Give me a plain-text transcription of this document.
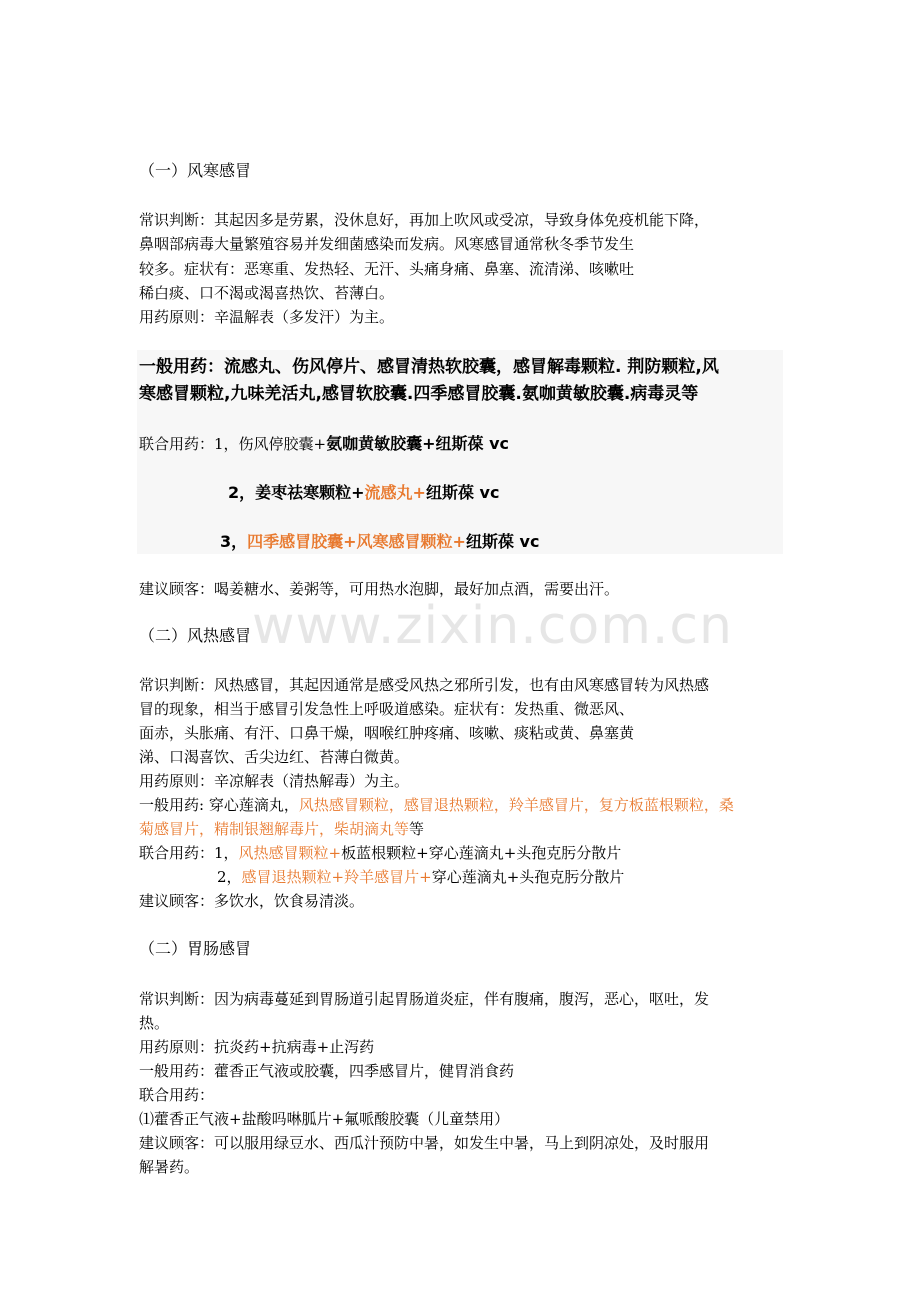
www.zixin.com.cn
（一）风寒感冒
常识判断：其起因多是劳累，没休息好，再加上吹风或受凉，导致身体免疫机能下降，
鼻咽部病毒大量繁殖容易并发细菌感染而发病。风寒感冒通常秋冬季节发生
较多。症状有：恶寒重、发热轻、无汗、头痛身痛、鼻塞、流清涕、咳嗽吐
稀白痰、口不渴或渴喜热饮、苔薄白。
用药原则：辛温解表（多发汗）为主。
一般用药：流感丸、伤风停片、感冒清热软胶囊，感冒解毒颗粒. 荆防颗粒,风
寒感冒颗粒,九味羌活丸,感冒软胶囊.四季感冒胶囊.氨咖黄敏胶囊.病毒灵等
联合用药：1，伤风停胶囊+氨咖黄敏胶囊+纽斯葆 vc
2，姜枣祛寒颗粒+流感丸+纽斯葆 vc
3，四季感冒胶囊+风寒感冒颗粒+纽斯葆 vc
建议顾客：喝姜糖水、姜粥等，可用热水泡脚，最好加点酒，需要出汗。
（二）风热感冒
常识判断：风热感冒，其起因通常是感受风热之邪所引发，也有由风寒感冒转为风热感
冒的现象，相当于感冒引发急性上呼吸道感染。症状有：发热重、微恶风、
面赤，头胀痛、有汗、口鼻干燥，咽喉红肿疼痛、咳嗽、痰粘或黄、鼻塞黄
涕、口渴喜饮、舌尖边红、苔薄白微黄。
用药原则：辛凉解表（清热解毒）为主。
一般用药: 穿心莲滴丸，风热感冒颗粒，感冒退热颗粒，羚羊感冒片，复方板蓝根颗粒，桑
菊感冒片，精制银翘解毒片，柴胡滴丸等等
联合用药：1，风热感冒颗粒+板蓝根颗粒+穿心莲滴丸+头孢克肟分散片
2，感冒退热颗粒+羚羊感冒片+穿心莲滴丸+头孢克肟分散片
建议顾客：多饮水，饮食易清淡。
（二）胃肠感冒
常识判断：因为病毒蔓延到胃肠道引起胃肠道炎症，伴有腹痛，腹泻，恶心，呕吐，发
热。
用药原则：抗炎药+抗病毒+止泻药
一般用药：藿香正气液或胶囊，四季感冒片，健胃消食药
联合用药：
⑴藿香正气液+盐酸吗啉胍片+氟哌酸胶囊（儿童禁用）
建议顾客：可以服用绿豆水、西瓜汁预防中暑，如发生中暑，马上到阴凉处，及时服用
解暑药。
